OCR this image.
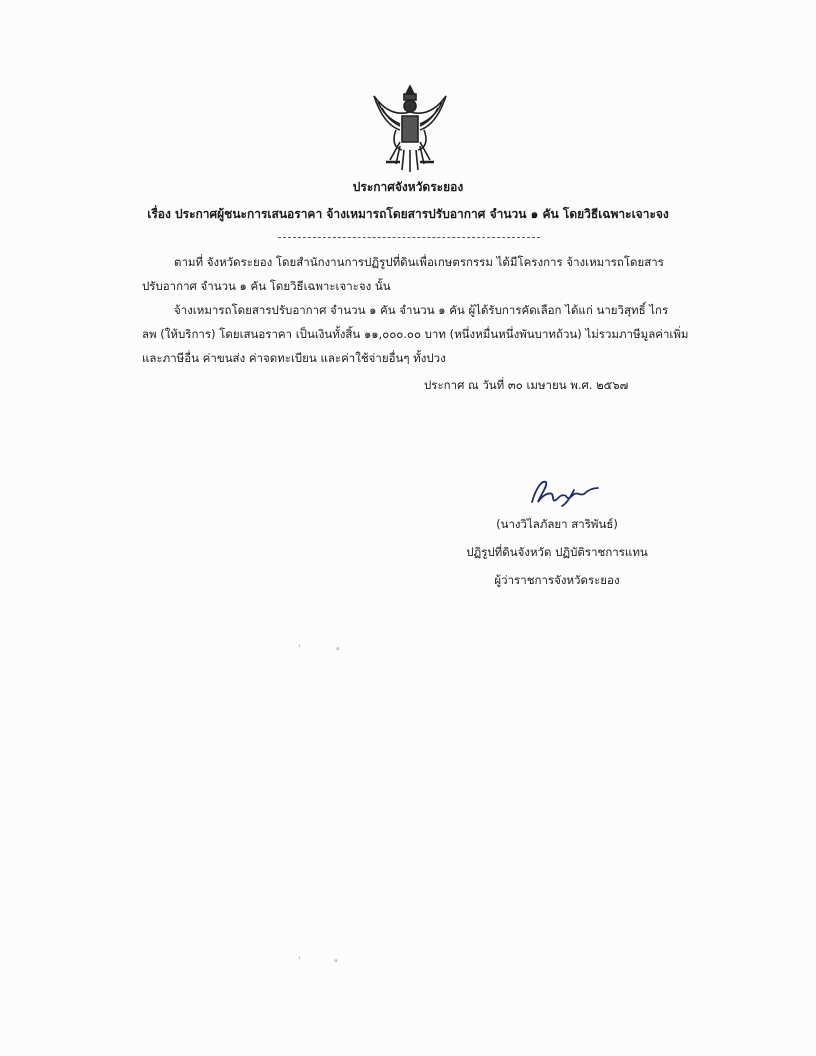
ประกาศจังหวัดระยอง
เรื่อง ประกาศผู้ชนะการเสนอราคา จ้างเหมารถโดยสารปรับอากาศ จำนวน ๑ คัน โดยวิธีเฉพาะเจาะจง
ตามที่ จังหวัดระยอง โดยสำนักงานการปฏิรูปที่ดินเพื่อเกษตรกรรม ได้มีโครงการ จ้างเหมารถโดยสาร
ปรับอากาศ จำนวน ๑ คัน โดยวิธีเฉพาะเจาะจง นั้น
จ้างเหมารถโดยสารปรับอากาศ จำนวน ๑ คัน จำนวน ๑ คัน ผู้ได้รับการคัดเลือก ได้แก่ นายวิสุทธิ์ ไกร
ลพ (ให้บริการ) โดยเสนอราคา เป็นเงินทั้งสิ้น ๑๑,๐๐๐.๐๐ บาท (หนึ่งหมื่นหนึ่งพันบาทถ้วน) ไม่รวมภาษีมูลค่าเพิ่ม
และภาษีอื่น ค่าขนส่ง ค่าจดทะเบียน และค่าใช้จ่ายอื่นๆ ทั้งปวง
ประกาศ ณ วันที่ ๓๐ เมษายน พ.ศ. ๒๕๖๗
(นางวิไลภัลยา สาริพันธ์)
ปฏิรูปที่ดินจังหวัด ปฏิบัติราชการแทน
ผู้ว่าราชการจังหวัดระยอง
'	ᵃ
'	ᵃ
